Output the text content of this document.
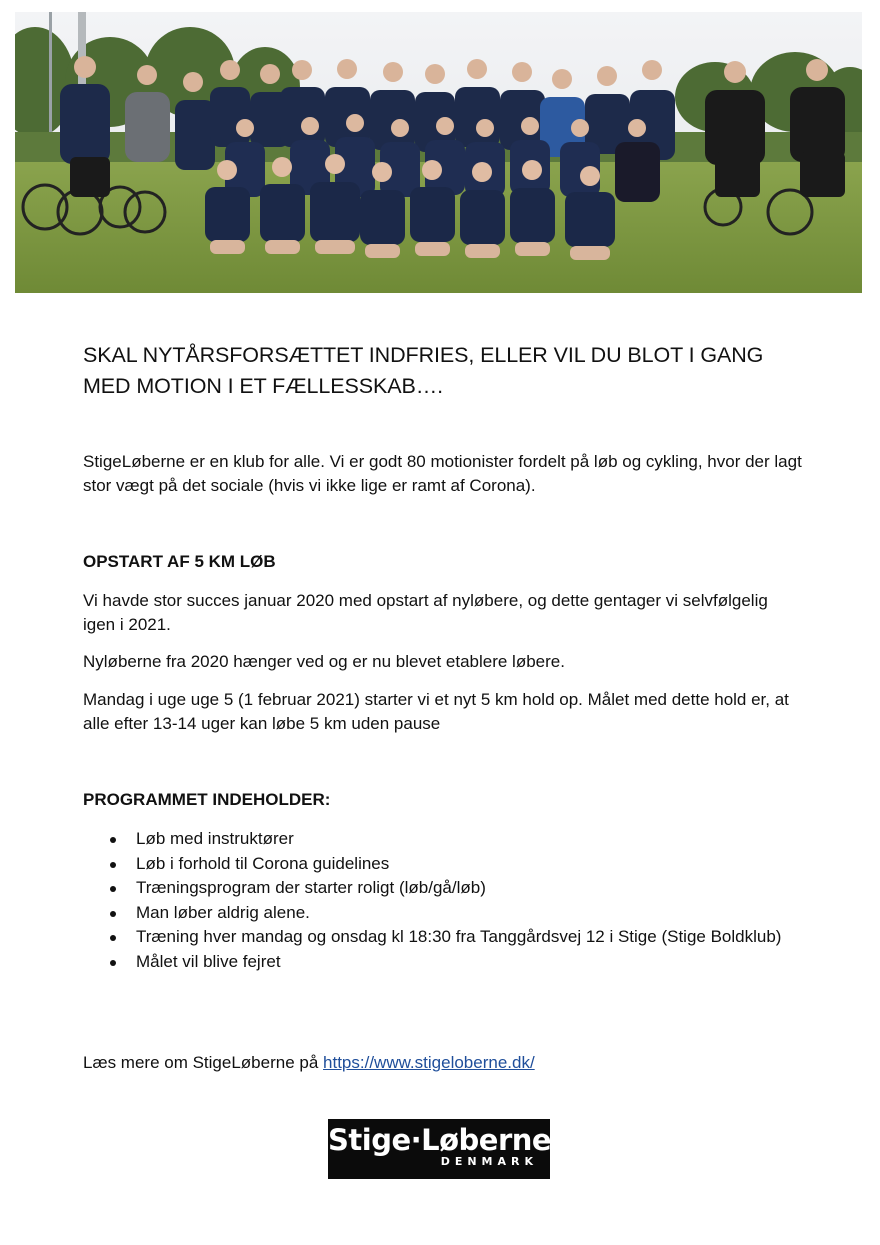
SKAL NYTÅRSFORSÆTTET INDFRIES, ELLER VIL DU BLOT I GANG MED MOTION I ET FÆLLESSKAB….

StigeLøberne er en klub for alle. Vi er godt 80 motionister fordelt på løb og cykling, hvor der lagt stor vægt på det sociale (hvis vi ikke lige er ramt af Corona).

OPSTART AF 5 KM LØB

Vi havde stor succes januar 2020 med opstart af nyløbere, og dette gentager vi selvfølgelig igen i 2021.

Nyløberne fra 2020 hænger ved og er nu blevet etablere løbere.

Mandag i uge uge 5 (1 februar 2021) starter vi et nyt 5 km hold op. Målet med dette hold er, at alle efter 13-14 uger kan løbe 5 km uden pause

PROGRAMMET INDEHOLDER:
Løb med instruktører
Løb i forhold til Corona guidelines
Træningsprogram der starter roligt (løb/gå/løb)
Man løber aldrig alene.
Træning hver mandag og onsdag kl 18:30 fra Tanggårdsvej 12 i Stige (Stige Boldklub)
Målet vil blive fejret

Læs mere om StigeLøberne på https://www.stigeloberne.dk/

Stige·Løberne
DENMARK
